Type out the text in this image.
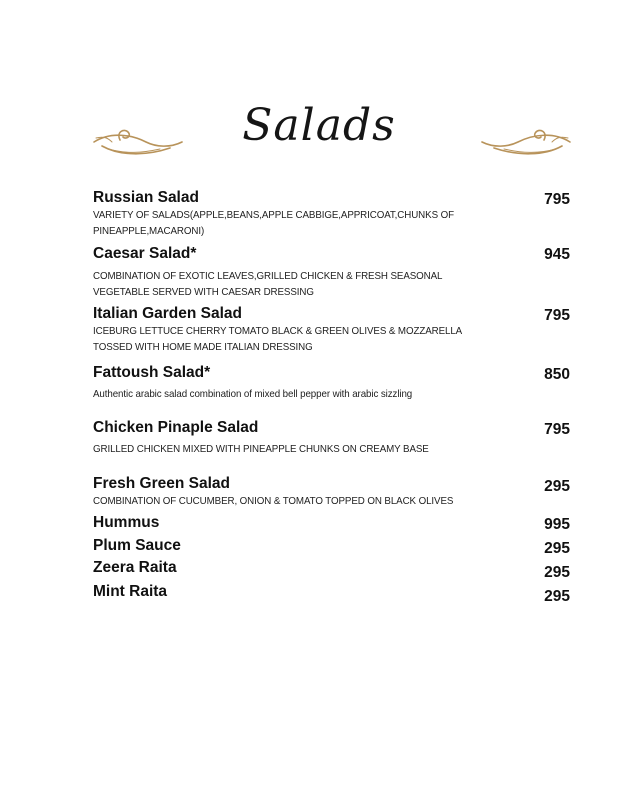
Salads
Russian Salad	795
VARIETY OF SALADS(APPLE,BEANS,APPLE CABBIGE,APPRICOAT,CHUNKS OF PINEAPPLE,MACARONI)
Caesar Salad*	945
COMBINATION OF EXOTIC LEAVES,GRILLED CHICKEN & FRESH SEASONAL VEGETABLE SERVED WITH CAESAR DRESSING
Italian Garden Salad	795
ICEBURG LETTUCE CHERRY TOMATO BLACK & GREEN OLIVES & MOZZARELLA TOSSED WITH HOME MADE ITALIAN DRESSING
Fattoush Salad*	850
Authentic arabic salad combination of mixed bell pepper with arabic sizzling
Chicken Pinaple Salad	795
GRILLED CHICKEN MIXED WITH PINEAPPLE CHUNKS ON CREAMY BASE
Fresh Green Salad	295
COMBINATION OF CUCUMBER, ONION & TOMATO TOPPED ON BLACK OLIVES
Hummus	995
Plum Sauce	295
Zeera Raita	295
Mint Raita	295
